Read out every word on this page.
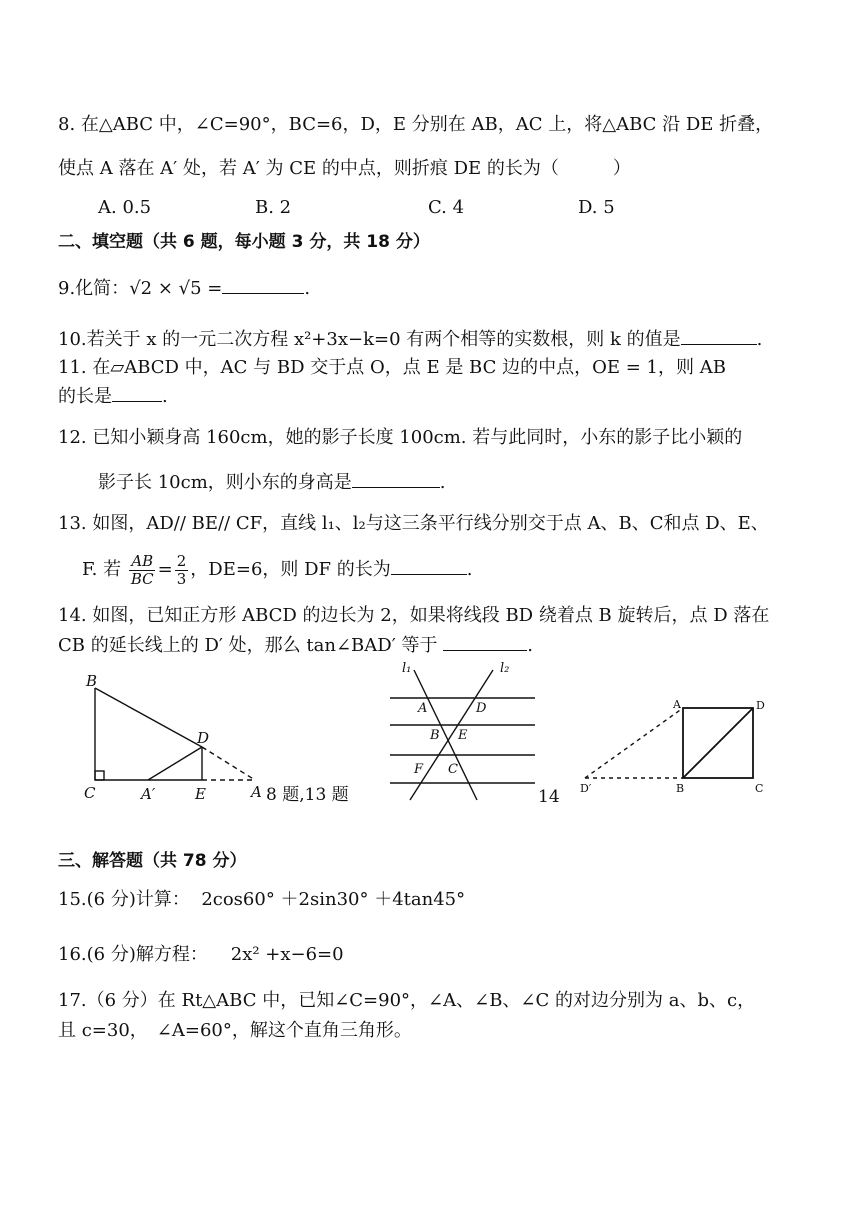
8. 在△ABC 中，∠C=90°，BC=6，D，E 分别在 AB，AC 上，将△ABC 沿 DE 折叠，
使点 A 落在 A′ 处，若 A′ 为 CE 的中点，则折痕 DE 的长为（　　　）
A. 0.5	B. 2	C. 4	D. 5
二、填空题（共 6 题，每小题 3 分，共 18 分）
9.化简：√2 × √5 =	.
10.若关于 x 的一元二次方程 x²+3x−k=0 有两个相等的实数根，则 k 的值是	.
11. 在▱ABCD 中，AC 与 BD 交于点 O，点 E 是 BC 边的中点，OE = 1，则 AB
的长是	.
12. 已知小颖身高 160cm，她的影子长度 100cm. 若与此同时，小东的影子比小颖的
影子长 10cm，则小东的身高是	.
13. 如图，AD// BE// CF，直线 l₁、l₂与这三条平行线分别交于点 A、B、C和点 D、E、
F. 若 $\frac{AB}{BC} = \frac{2}{3}$ ，DE=6，则 DF 的长为	.
14. 如图，已知正方形 ABCD 的边长为 2，如果将线段 BD 绕着点 B 旋转后，点 D 落在
CB 的延长线上的 D′ 处，那么 tan∠BAD′ 等于	.
B
D
C	A′	E	A 8 题,13 题
l₁	l₂
A	D
B E
F C
14
A	D
D′	B	C
三、解答题（共 78 分）
15.(6 分)计算： 2cos60° ＋2sin30° ＋4tan45°
16.(6 分)解方程： 2x² +x−6=0
17.（6 分）在 Rt△ABC 中，已知∠C=90°，∠A、∠B、∠C 的对边分别为 a、b、c，
且 c=30，　∠A=60°，解这个直角三角形。
